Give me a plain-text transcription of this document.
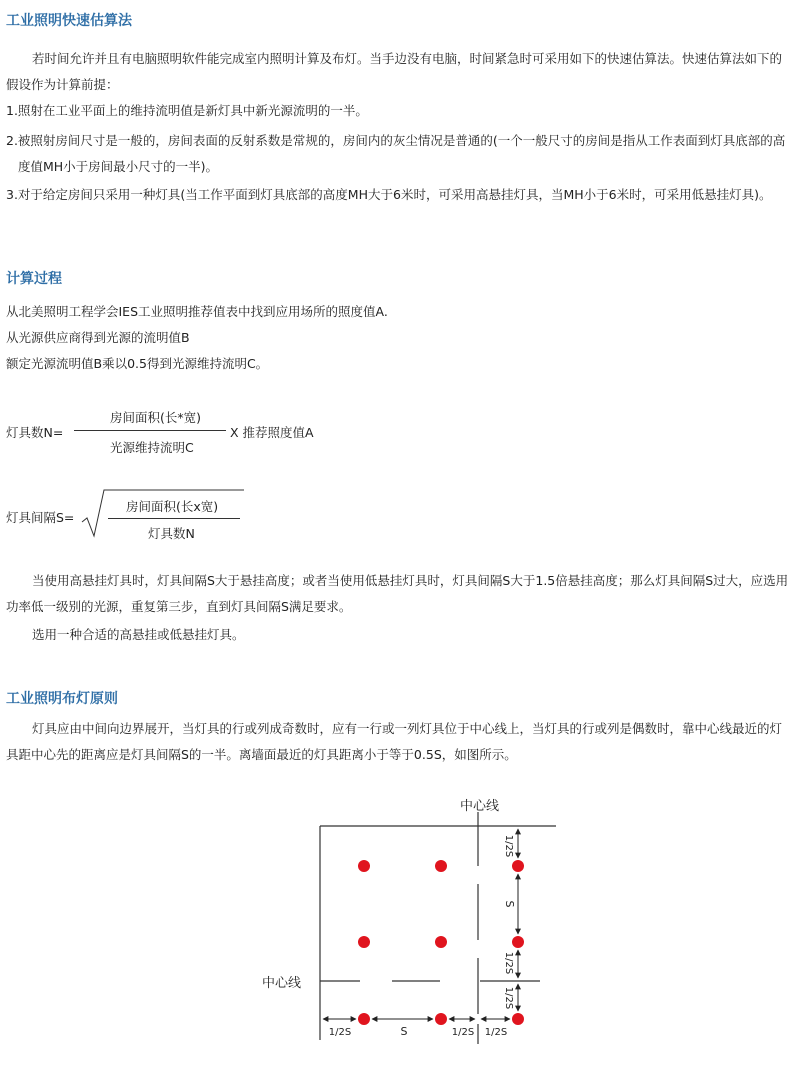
工业照明快速估算法
若时间允许并且有电脑照明软件能完成室内照明计算及布灯。当手边没有电脑，时间紧急时可采用如下的快速估算法。快速估算法如下的假设作为计算前提：
1.照射在工业平面上的维持流明值是新灯具中新光源流明的一半。
2.被照射房间尺寸是一般的，房间表面的反射系数是常规的，房间内的灰尘情况是普通的(一个一般尺寸的房间是指从工作表面到灯具底部的高度值MH小于房间最小尺寸的一半)。
3.对于给定房间只采用一种灯具(当工作平面到灯具底部的高度MH大于6米时，可采用高悬挂灯具，当MH小于6米时，可采用低悬挂灯具)。
计算过程
从北美照明工程学会IES工业照明推荐值表中找到应用场所的照度值A.
从光源供应商得到光源的流明值B
额定光源流明值B乘以0.5得到光源维持流明C。
灯具数N=
房间面积(长*宽)
光源维持流明C
X 推荐照度值A
灯具间隔S=
房间面积(长x宽)
灯具数N
当使用高悬挂灯具时，灯具间隔S大于悬挂高度；或者当使用低悬挂灯具时，灯具间隔S大于1.5倍悬挂高度；那么灯具间隔S过大，应选用功率低一级别的光源，重复第三步，直到灯具间隔S满足要求。
选用一种合适的高悬挂或低悬挂灯具。
工业照明布灯原则
灯具应由中间向边界展开，当灯具的行或列成奇数时，应有一行或一列灯具位于中心线上，当灯具的行或列是偶数时，靠中心线最近的灯具距中心先的距离应是灯具间隔S的一半。离墙面最近的灯具距离小于等于0.5S，如图所示。
中心线
中心线
1/2S
S
1/2S
1/2S
1/2S	S	1/2S 1/2S
